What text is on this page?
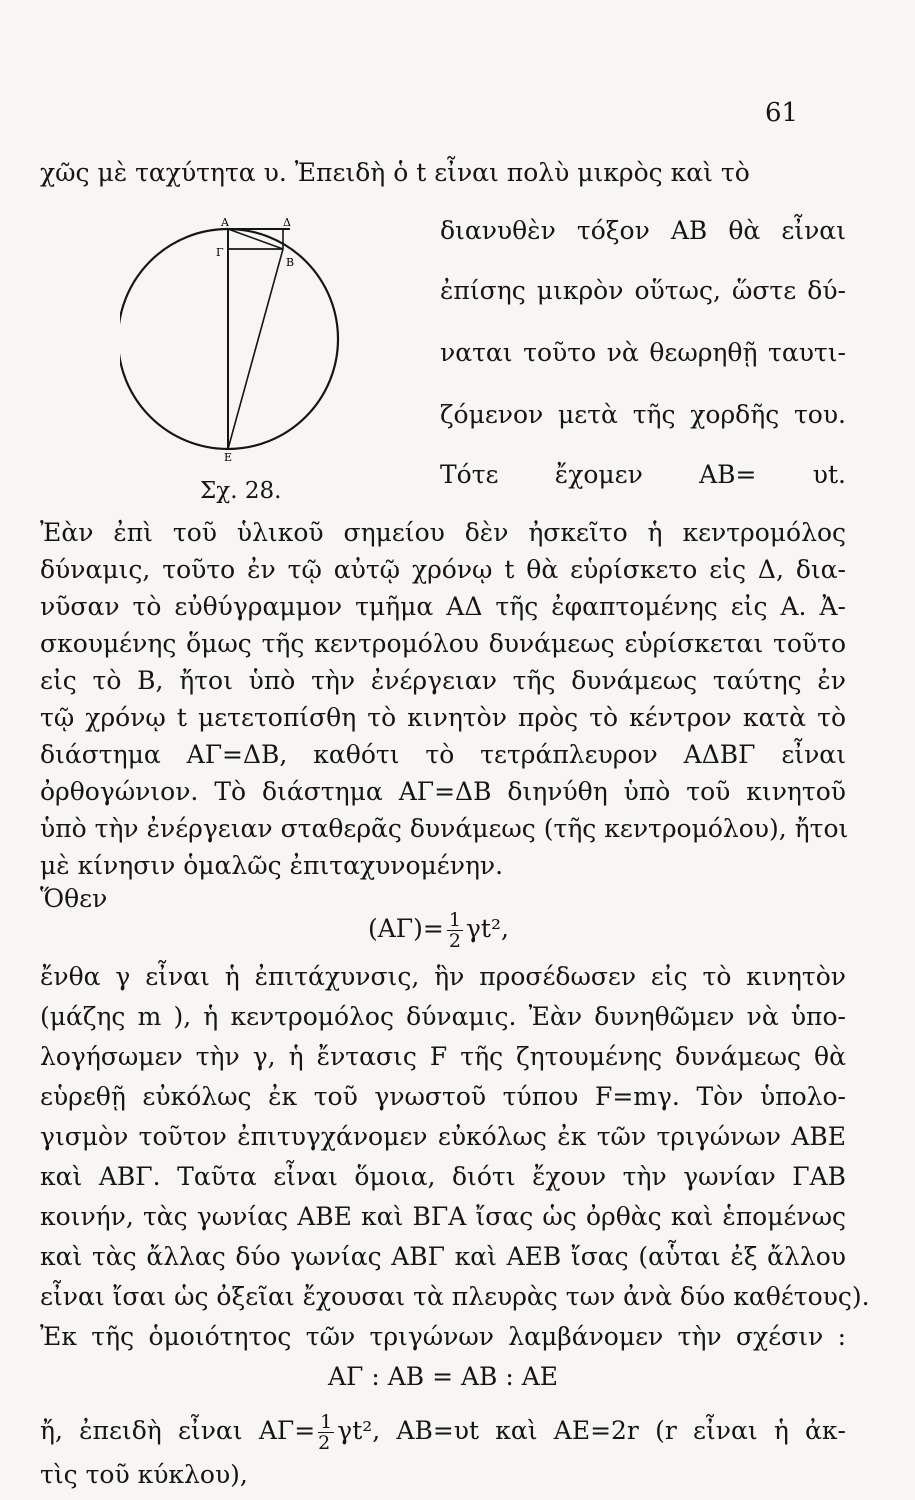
61
χῶς μὲ ταχύτητα υ. Ἐπειδὴ ὁ t εἶναι πολὺ μικρὸς καὶ τὸ
διανυθὲν τόξον ΑΒ θὰ εἶναι
ἐπίσης μικρὸν οὕτως, ὥστε δύ-
ναται τοῦτο νὰ θεωρηθῇ ταυτι-
ζόμενον μετὰ τῆς χορδῆς του.
Τότε ἔχομεν ΑΒ= υt.
Α	Δ
Γ
Β
Ε
Σχ. 28.
Ἐὰν ἐπὶ τοῦ ὑλικοῦ σημείου δὲν ἠσκεῖτο ἡ κεντρομόλος
δύναμις, τοῦτο ἐν τῷ αὐτῷ χρόνῳ t θὰ εὑρίσκετο εἰς Δ, δια-
νῦσαν τὸ εὐθύγραμμον τμῆμα ΑΔ τῆς ἐφαπτομένης εἰς Α. Ἀ-
σκουμένης ὅμως τῆς κεντρομόλου δυνάμεως εὑρίσκεται τοῦτο
εἰς τὸ Β, ἤτοι ὑπὸ τὴν ἐνέργειαν τῆς δυνάμεως ταύτης ἐν
τῷ χρόνῳ t μετετοπίσθη τὸ κινητὸν πρὸς τὸ κέντρον κατὰ τὸ
διάστημα ΑΓ=ΔΒ, καθότι τὸ τετράπλευρον ΑΔΒΓ εἶναι
ὀρθογώνιον. Τὸ διάστημα ΑΓ=ΔΒ διηνύθη ὑπὸ τοῦ κινητοῦ
ὑπὸ τὴν ἐνέργειαν σταθερᾶς δυνάμεως (τῆς κεντρομόλου), ἤτοι
μὲ κίνησιν ὁμαλῶς ἐπιταχυνομένην.
Ὅθεν
$(A\Gamma)= \frac{1}{2} \gamma t^2$,
ἔνθα γ εἶναι ἡ ἐπιτάχυνσις, ἣν προσέδωσεν εἰς τὸ κινητὸν
(μάζης m ), ἡ κεντρομόλος δύναμις. Ἐὰν δυνηθῶμεν νὰ ὑπο-
λογήσωμεν τὴν γ, ἡ ἔντασις F τῆς ζητουμένης δυνάμεως θὰ
εὑρεθῇ εὐκόλως ἐκ τοῦ γνωστοῦ τύπου F=mγ. Τὸν ὑπολο-
γισμὸν τοῦτον ἐπιτυγχάνομεν εὐκόλως ἐκ τῶν τριγώνων ΑΒΕ
καὶ ΑΒΓ. Ταῦτα εἶναι ὅμοια, διότι ἔχουν τὴν γωνίαν ΓΑΒ
κοινήν, τὰς γωνίας ΑΒΕ καὶ ΒΓΑ ἴσας ὡς ὀρθὰς καὶ ἑπομένως
καὶ τὰς ἄλλας δύο γωνίας ΑΒΓ καὶ ΑΕΒ ἴσας (αὗται ἐξ ἄλλου
εἶναι ἴσαι ὡς ὀξεῖαι ἔχουσαι τὰ πλευρὰς των ἀνὰ δύο καθέτους).
Ἐκ τῆς ὁμοιότητος τῶν τριγώνων λαμβάνομεν τὴν σχέσιν :
ΑΓ : ΑΒ = ΑΒ : ΑΕ
ἤ, ἐπειδὴ εἶναι $A\Gamma= \frac{1}{2} \gamma t^2$, ΑΒ=υt καὶ ΑΕ=2r (r εἶναι ἡ ἀκ-
τὶς τοῦ κύκλου),
